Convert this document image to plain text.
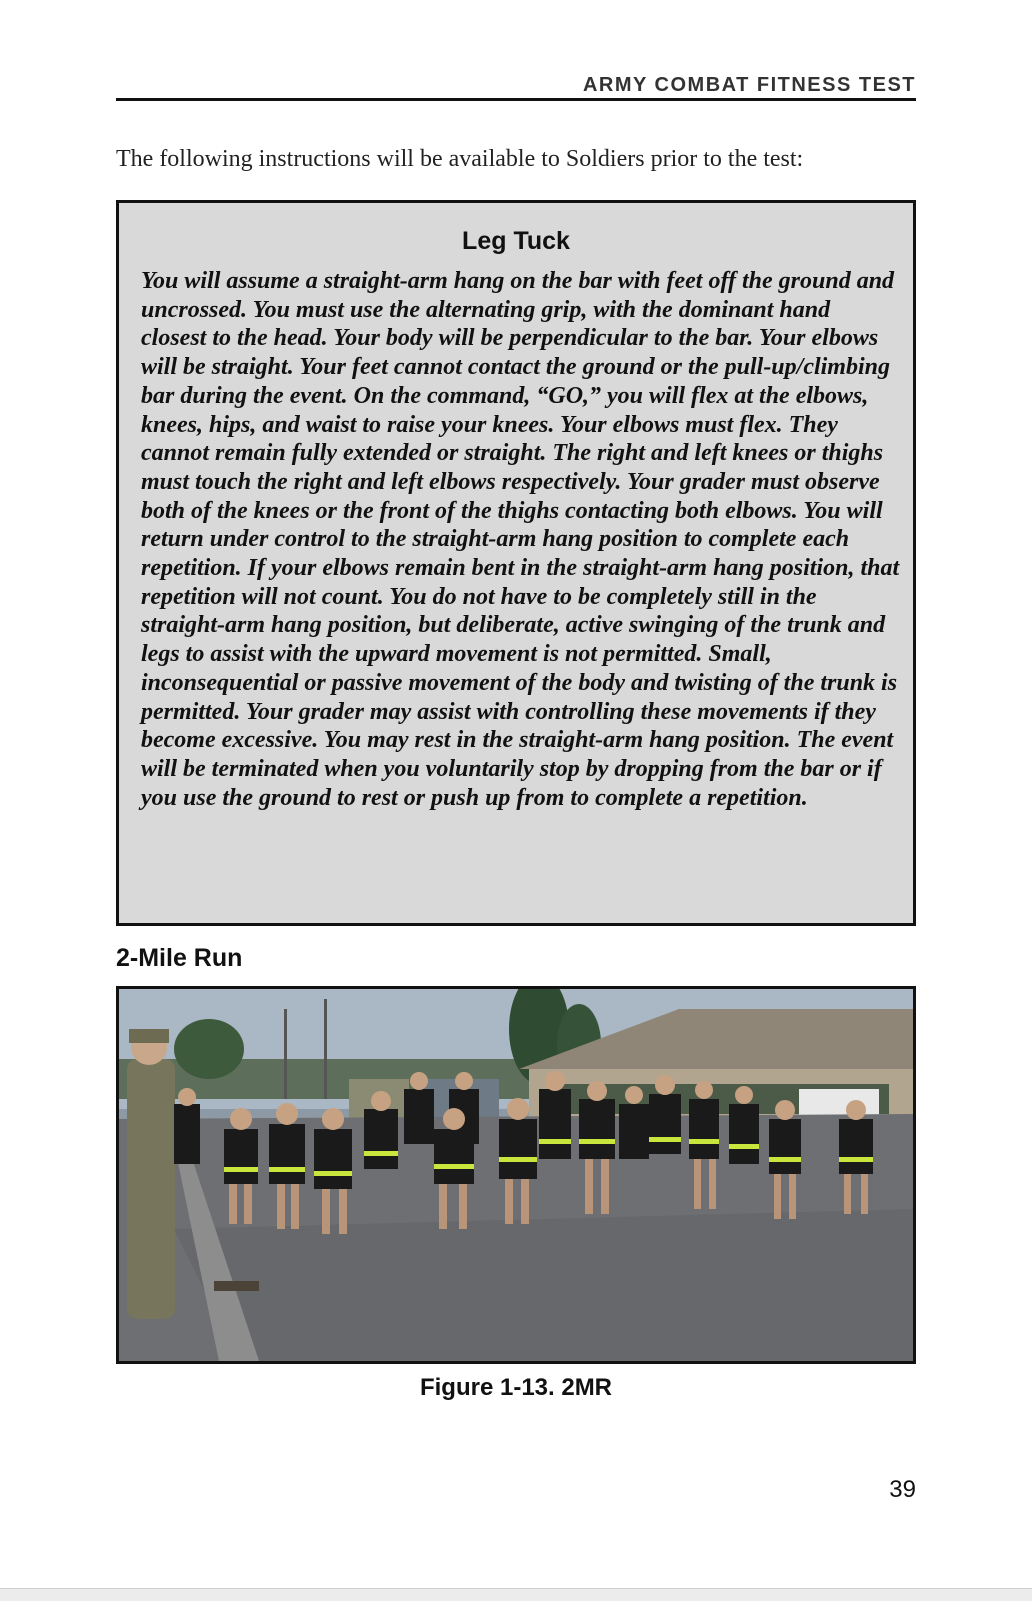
ARMY COMBAT FITNESS TEST
The following instructions will be available to Soldiers prior to the test:
Leg Tuck
You will assume a straight-arm hang on the bar with feet off the ground and uncrossed. You must use the alternating grip, with the dominant hand closest to the head. Your body will be perpendicular to the bar. Your elbows will be straight. Your feet cannot contact the ground or the pull-up/climbing bar during the event. On the command, “GO,” you will flex at the elbows, knees, hips, and waist to raise your knees. Your elbows must flex. They cannot remain fully extended or straight. The right and left knees or thighs must touch the right and left elbows respectively. Your grader must observe both of the knees or the front of the thighs contacting both elbows. You will return under control to the straight-arm hang position to complete each repetition. If your elbows remain bent in the straight-arm hang position, that repetition will not count. You do not have to be completely still in the straight-arm hang position, but deliberate, active swinging of the trunk and legs to assist with the upward movement is not permitted. Small, inconsequential or passive movement of the body and twisting of the trunk is permitted. Your grader may assist with controlling these movements if they become excessive. You may rest in the straight-arm hang position. The event will be terminated when you voluntarily stop by dropping from the bar or if you use the ground to rest or push up from to complete a repetition.
2-Mile Run
Figure 1-13. 2MR
39
